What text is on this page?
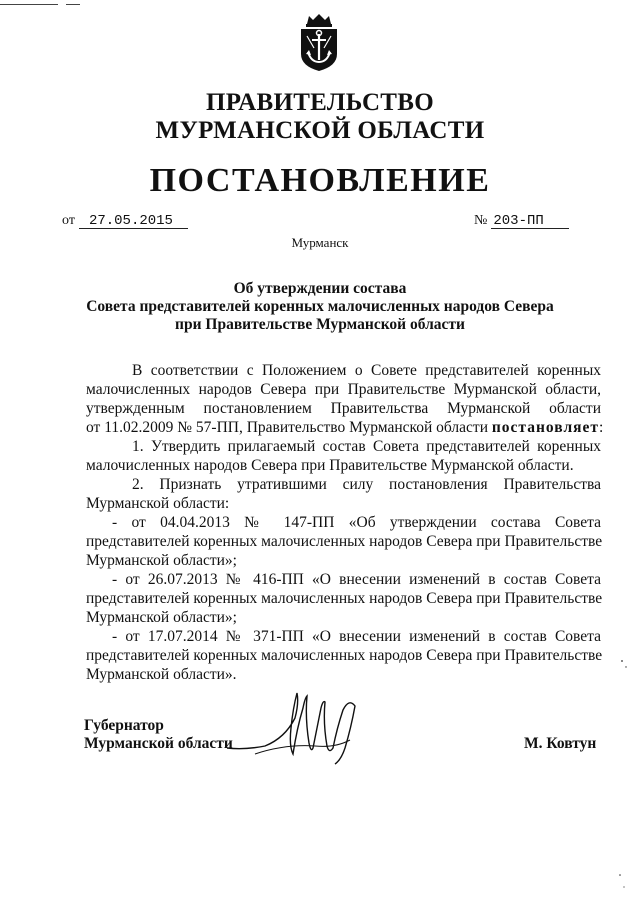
ПРАВИТЕЛЬСТВО
МУРМАНСКОЙ ОБЛАСТИ
ПОСТАНОВЛЕНИЕ
от	27.05.2015	№ 203-ПП
Мурманск
Об утверждении состава
Совета представителей коренных малочисленных народов Севера
при Правительстве Мурманской области
В соответствии с Положением о Совете представителей коренных
малочисленных народов Севера при Правительстве Мурманской области,
утвержденным постановлением Правительства Мурманской области
от 11.02.2009 № 57-ПП, Правительство Мурманской области постановляет:
1. Утвердить прилагаемый состав Совета представителей коренных
малочисленных народов Севера при Правительстве Мурманской области.
2. Признать утратившими силу постановления Правительства
Мурманской области:
- от 04.04.2013 № 147-ПП «Об утверждении состава Совета
представителей коренных малочисленных народов Севера при Правительстве
Мурманской области»;
- от 26.07.2013 № 416-ПП «О внесении изменений в состав Совета
представителей коренных малочисленных народов Севера при Правительстве
Мурманской области»;
- от 17.07.2014 № 371-ПП «О внесении изменений в состав Совета
представителей коренных малочисленных народов Севера при Правительстве
Мурманской области».
Губернатор
Мурманской области	М. Ковтун
